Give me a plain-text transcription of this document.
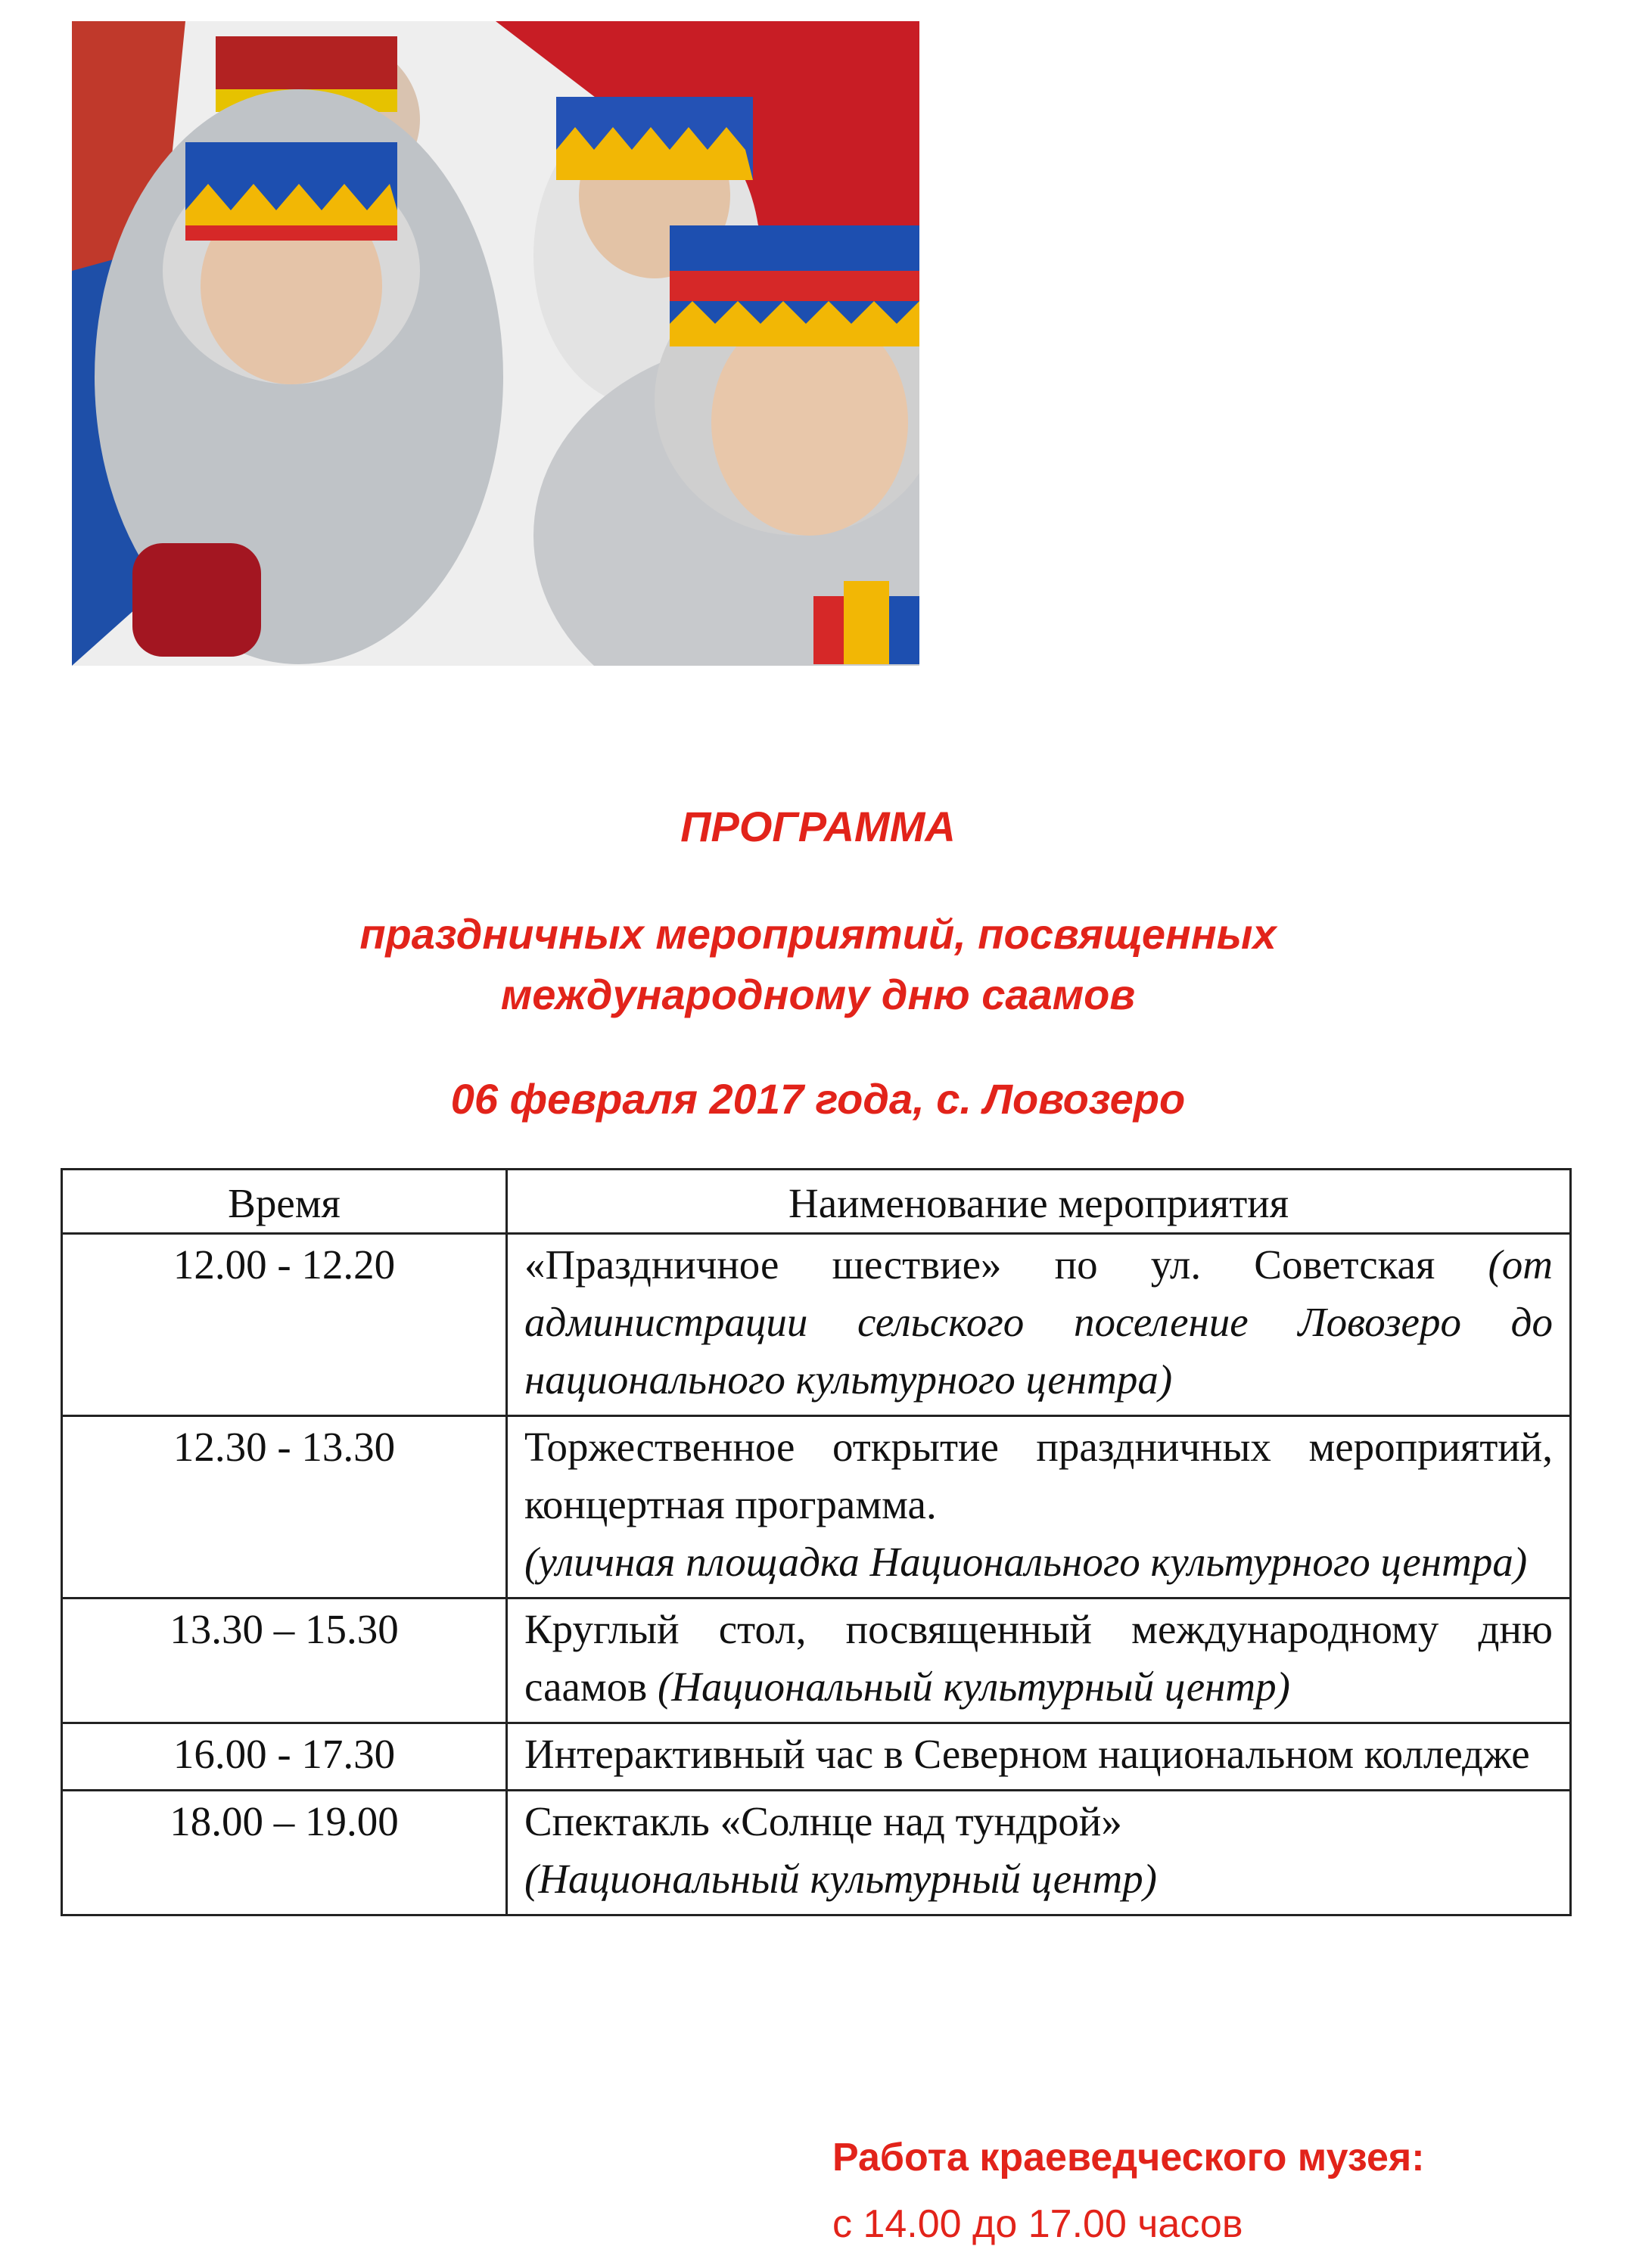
ПРОГРАММА
праздничных мероприятий, посвященных
международному дню саамов
06 февраля 2017 года, с. Ловозеро
Время	Наименование мероприятия
12.00 - 12.20	«Праздничное шествие» по ул. Советская (от администрации сельского поселение Ловозеро до национального культурного центра)
12.30 - 13.30	Торжественное открытие праздничных мероприятий, концертная программа.
(уличная площадка Национального культурного центра)
13.30 – 15.30	Круглый стол, посвященный международному дню саамов (Национальный культурный центр)
16.00 - 17.30	Интерактивный час в Северном национальном колледже
18.00 – 19.00	Спектакль «Солнце над тундрой»
(Национальный культурный центр)
Работа краеведческого музея:
с 14.00 до 17.00 часов
